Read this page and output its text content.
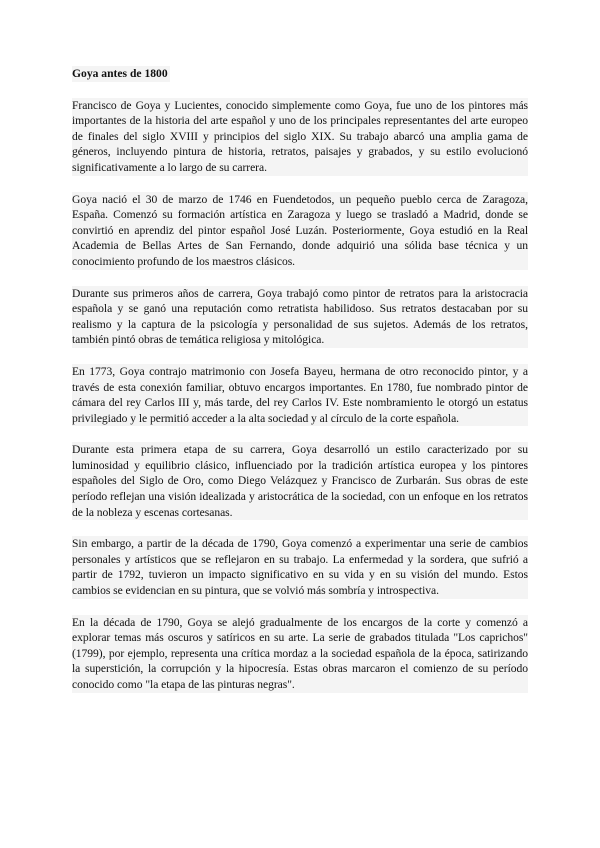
Goya antes de 1800

Francisco de Goya y Lucientes, conocido simplemente como Goya, fue uno de los pintores más importantes de la historia del arte español y uno de los principales representantes del arte europeo de finales del siglo XVIII y principios del siglo XIX. Su trabajo abarcó una amplia gama de géneros, incluyendo pintura de historia, retratos, paisajes y grabados, y su estilo evolucionó significativamente a lo largo de su carrera.

Goya nació el 30 de marzo de 1746 en Fuendetodos, un pequeño pueblo cerca de Zaragoza, España. Comenzó su formación artística en Zaragoza y luego se trasladó a Madrid, donde se convirtió en aprendiz del pintor español José Luzán. Posteriormente, Goya estudió en la Real Academia de Bellas Artes de San Fernando, donde adquirió una sólida base técnica y un conocimiento profundo de los maestros clásicos.

Durante sus primeros años de carrera, Goya trabajó como pintor de retratos para la aristocracia española y se ganó una reputación como retratista habilidoso. Sus retratos destacaban por su realismo y la captura de la psicología y personalidad de sus sujetos. Además de los retratos, también pintó obras de temática religiosa y mitológica.

En 1773, Goya contrajo matrimonio con Josefa Bayeu, hermana de otro reconocido pintor, y a través de esta conexión familiar, obtuvo encargos importantes. En 1780, fue nombrado pintor de cámara del rey Carlos III y, más tarde, del rey Carlos IV. Este nombramiento le otorgó un estatus privilegiado y le permitió acceder a la alta sociedad y al círculo de la corte española.

Durante esta primera etapa de su carrera, Goya desarrolló un estilo caracterizado por su luminosidad y equilibrio clásico, influenciado por la tradición artística europea y los pintores españoles del Siglo de Oro, como Diego Velázquez y Francisco de Zurbarán. Sus obras de este período reflejan una visión idealizada y aristocrática de la sociedad, con un enfoque en los retratos de la nobleza y escenas cortesanas.

Sin embargo, a partir de la década de 1790, Goya comenzó a experimentar una serie de cambios personales y artísticos que se reflejaron en su trabajo. La enfermedad y la sordera, que sufrió a partir de 1792, tuvieron un impacto significativo en su vida y en su visión del mundo. Estos cambios se evidencian en su pintura, que se volvió más sombría y introspectiva.

En la década de 1790, Goya se alejó gradualmente de los encargos de la corte y comenzó a explorar temas más oscuros y satíricos en su arte. La serie de grabados titulada "Los caprichos" (1799), por ejemplo, representa una crítica mordaz a la sociedad española de la época, satirizando la superstición, la corrupción y la hipocresía. Estas obras marcaron el comienzo de su período conocido como "la etapa de las pinturas negras".
